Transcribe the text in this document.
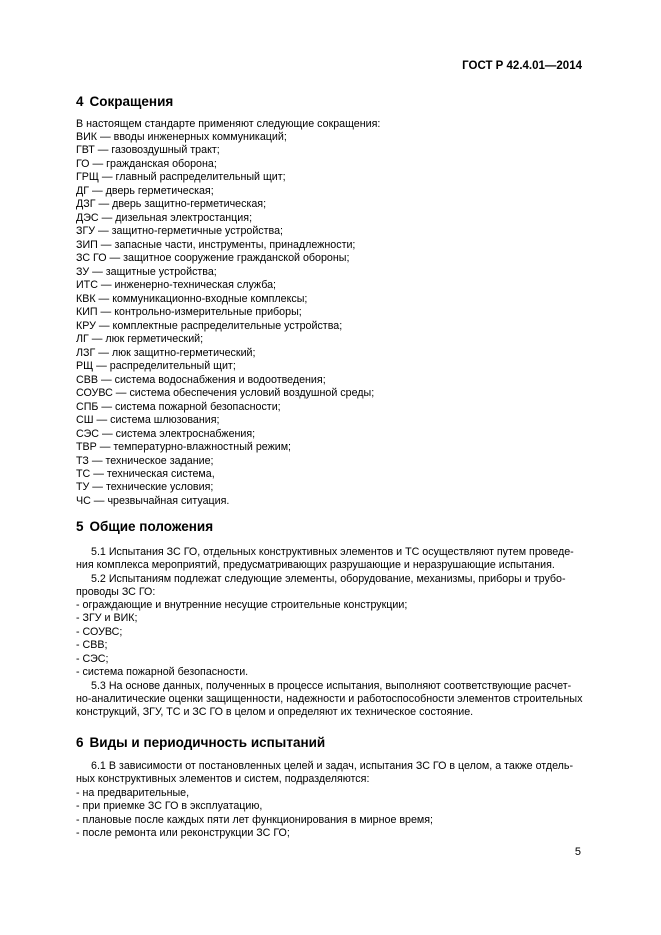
ГОСТ Р 42.4.01—2014
4 Сокращения
В настоящем стандарте применяют следующие сокращения:
ВИК — вводы инженерных коммуникаций;
ГВТ — газовоздушный тракт;
ГО — гражданская оборона;
ГРЩ — главный распределительный щит;
ДГ — дверь герметическая;
ДЗГ — дверь защитно-герметическая;
ДЭС — дизельная электростанция;
ЗГУ — защитно-герметичные устройства;
ЗИП — запасные части, инструменты, принадлежности;
ЗС ГО — защитное сооружение гражданской обороны;
ЗУ — защитные устройства;
ИТС — инженерно-техническая служба;
КВК — коммуникационно-входные комплексы;
КИП — контрольно-измерительные приборы;
КРУ — комплектные распределительные устройства;
ЛГ — люк герметический;
ЛЗГ — люк защитно-герметический;
РЩ — распределительный щит;
СВВ — система водоснабжения и водоотведения;
СОУВС — система обеспечения условий воздушной среды;
СПБ — система пожарной безопасности;
СШ — система шлюзования;
СЭС — система электроснабжения;
ТВР — температурно-влажностный режим;
ТЗ — техническое задание;
ТС — техническая система,
ТУ — технические условия;
ЧС — чрезвычайная ситуация.
5 Общие положения
5.1 Испытания ЗС ГО, отдельных конструктивных элементов и ТС осуществляют путем проведе-
ния комплекса мероприятий, предусматривающих разрушающие и неразрушающие испытания.
5.2 Испытаниям подлежат следующие элементы, оборудование, механизмы, приборы и трубо-
проводы ЗС ГО:
- ограждающие и внутренние несущие строительные конструкции;
- ЗГУ и ВИК;
- СОУВС;
- СВВ;
- СЭС;
- система пожарной безопасности.
5.3 На основе данных, полученных в процессе испытания, выполняют соответствующие расчет-
но-аналитические оценки защищенности, надежности и работоспособности элементов строительных
конструкций, ЗГУ, ТС и ЗС ГО в целом и определяют их техническое состояние.
6 Виды и периодичность испытаний
6.1 В зависимости от постановленных целей и задач, испытания ЗС ГО в целом, а также отдель-
ных конструктивных элементов и систем, подразделяются:
- на предварительные,
- при приемке ЗС ГО в эксплуатацию,
- плановые после каждых пяти лет функционирования в мирное время;
- после ремонта или реконструкции ЗС ГО;
5
